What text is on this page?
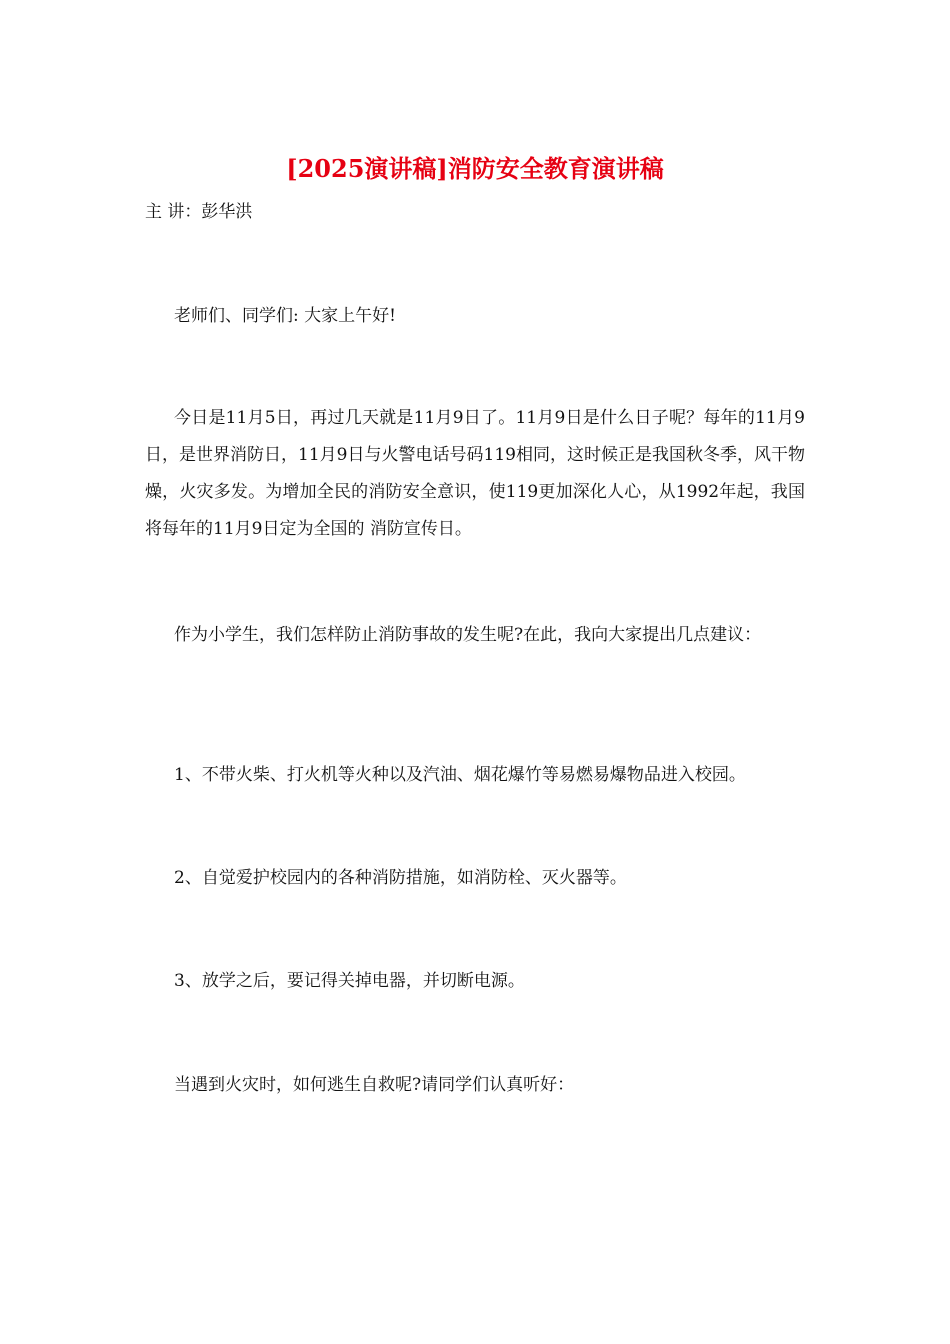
[2025演讲稿]消防安全教育演讲稿
主 讲：彭华洪
老师们、同学们: 大家上午好!
今日是11月5日，再过几天就是11月9日了。11月9日是什么日子呢？每年的11月9日，是世界消防日，11月9日与火警电话号码119相同，这时候正是我国秋冬季，风干物燥，火灾多发。为增加全民的消防安全意识，使119更加深化人心，从1992年起，我国将每年的11月9日定为全国的 消防宣传日。
作为小学生，我们怎样防止消防事故的发生呢?在此，我向大家提出几点建议：
1、不带火柴、打火机等火种以及汽油、烟花爆竹等易燃易爆物品进入校园。
2、自觉爱护校园内的各种消防措施，如消防栓、灭火器等。
3、放学之后，要记得关掉电器，并切断电源。
当遇到火灾时，如何逃生自救呢?请同学们认真听好：
